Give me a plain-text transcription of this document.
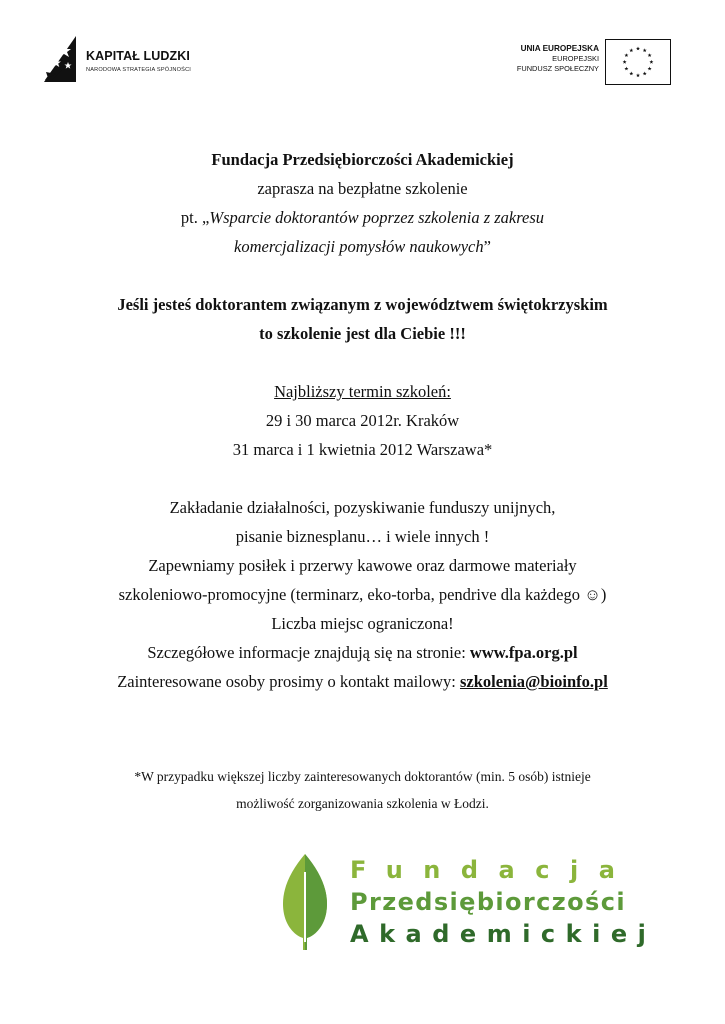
KAPITAŁ LUDZKI
NARODOWA STRATEGIA SPÓJNOŚCI
UNIA EUROPEJSKA
EUROPEJSKI
FUNDUSZ SPOŁECZNY
Fundacja Przedsiębiorczości Akademickiej
zaprasza na bezpłatne szkolenie
pt. „Wsparcie doktorantów poprzez szkolenia z zakresu
komercjalizacji pomysłów naukowych”
Jeśli jesteś doktorantem związanym z województwem świętokrzyskim
to szkolenie jest dla Ciebie !!!
Najbliższy termin szkoleń:
29 i 30 marca 2012r. Kraków
31 marca i 1 kwietnia 2012 Warszawa*
Zakładanie działalności, pozyskiwanie funduszy unijnych,
pisanie biznesplanu… i wiele innych !
Zapewniamy posiłek i przerwy kawowe oraz darmowe materiały
szkoleniowo-promocyjne (terminarz, eko-torba, pendrive dla każdego ☺)
Liczba miejsc ograniczona!
Szczegółowe informacje znajdują się na stronie: www.fpa.org.pl
Zainteresowane osoby prosimy o kontakt mailowy: szkolenia@bioinfo.pl
*W przypadku większej liczby zainteresowanych doktorantów (min. 5 osób) istnieje
możliwość zorganizowania szkolenia w Łodzi.
Fundacja
Przedsiębiorczości
Akademickiej
